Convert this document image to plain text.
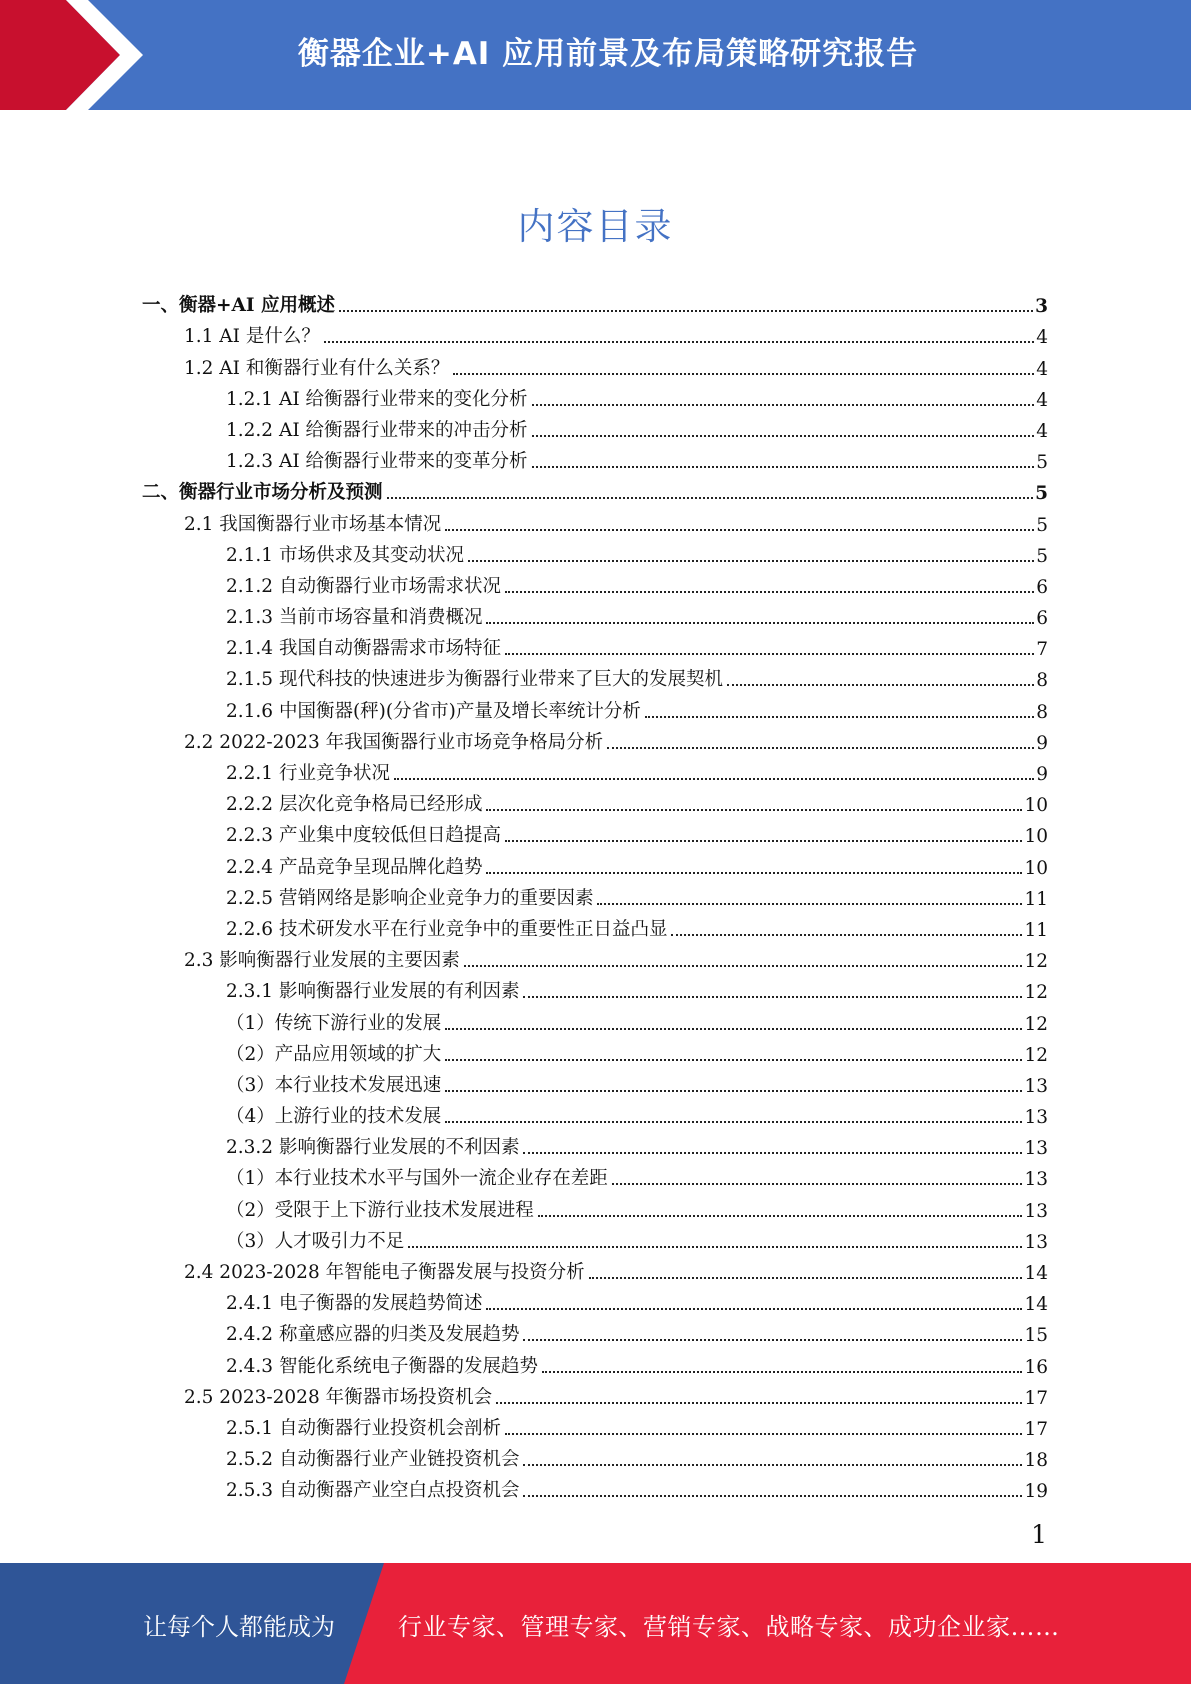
衡器企业+AI 应用前景及布局策略研究报告
内容目录
一、衡器+AI 应用概述	3
1.1 AI 是什么？	4
1.2 AI 和衡器行业有什么关系？	4
1.2.1 AI 给衡器行业带来的变化分析	4
1.2.2 AI 给衡器行业带来的冲击分析	4
1.2.3 AI 给衡器行业带来的变革分析	5
二、衡器行业市场分析及预测	5
2.1 我国衡器行业市场基本情况	5
2.1.1 市场供求及其变动状况	5
2.1.2 自动衡器行业市场需求状况	6
2.1.3 当前市场容量和消费概况	6
2.1.4 我国自动衡器需求市场特征	7
2.1.5 现代科技的快速进步为衡器行业带来了巨大的发展契机	8
2.1.6 中国衡器(秤)(分省市)产量及增长率统计分析	8
2.2 2022-2023 年我国衡器行业市场竞争格局分析	9
2.2.1 行业竞争状况	9
2.2.2 层次化竞争格局已经形成	10
2.2.3 产业集中度较低但日趋提高	10
2.2.4 产品竞争呈现品牌化趋势	10
2.2.5 营销网络是影响企业竞争力的重要因素	11
2.2.6 技术研发水平在行业竞争中的重要性正日益凸显	11
2.3 影响衡器行业发展的主要因素	12
2.3.1 影响衡器行业发展的有利因素	12
（1）传统下游行业的发展	12
（2）产品应用领域的扩大	12
（3）本行业技术发展迅速	13
（4）上游行业的技术发展	13
2.3.2 影响衡器行业发展的不利因素	13
（1）本行业技术水平与国外一流企业存在差距	13
（2）受限于上下游行业技术发展进程	13
（3）人才吸引力不足	13
2.4 2023-2028 年智能电子衡器发展与投资分析	14
2.4.1 电子衡器的发展趋势简述	14
2.4.2 称童感应器的归类及发展趋势	15
2.4.3 智能化系统电子衡器的发展趋势	16
2.5 2023-2028 年衡器市场投资机会	17
2.5.1 自动衡器行业投资机会剖析	17
2.5.2 自动衡器行业产业链投资机会	18
2.5.3 自动衡器产业空白点投资机会	19
1
让每个人都能成为	行业专家、管理专家、营销专家、战略专家、成功企业家……
